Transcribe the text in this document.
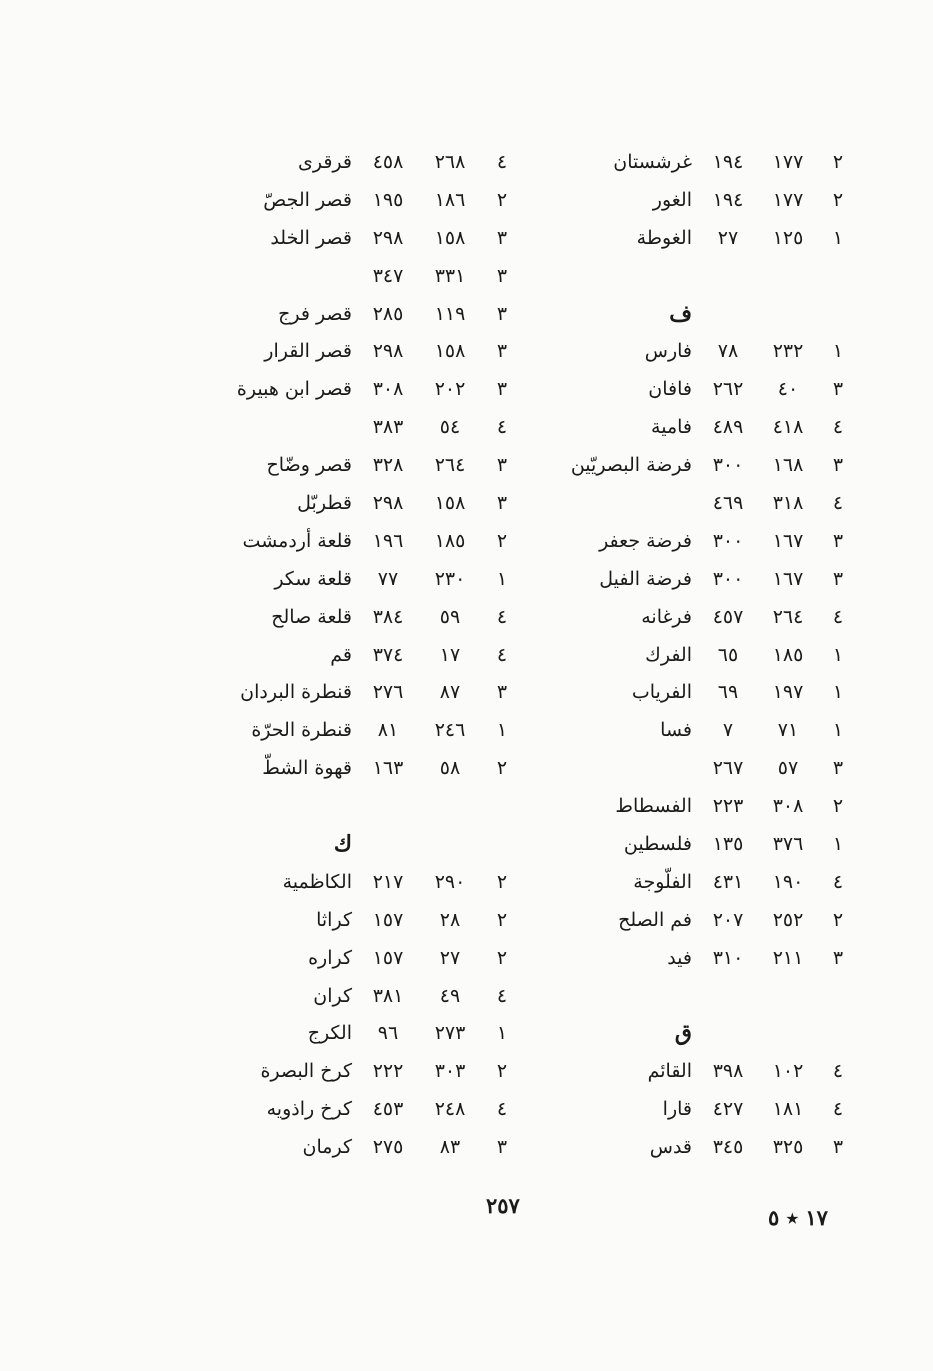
٢
١٧٧
١٩٤
غرشستان
٢
١٧٧
١٩٤
الغور
١
١٢٥
٢٧
الغوطة
ف
١
٢٣٢
٧٨
فارس
٣
٤٠
٢٦٢
فافان
٤
٤١٨
٤٨٩
فامية
٣
١٦٨
٣٠٠
فرضة البصريّين
٤
٣١٨
٤٦٩
٣
١٦٧
٣٠٠
فرضة جعفر
٣
١٦٧
٣٠٠
فرضة الفيل
٤
٢٦٤
٤٥٧
فرغانه
١
١٨٥
٦٥
الفرك
١
١٩٧
٦٩
الفرياب
١
٧١
٧
فسا
٣
٥٧
٢٦٧
٢
٣٠٨
٢٢٣
الفسطاط
١
٣٧٦
١٣٥
فلسطين
٤
١٩٠
٤٣١
الفلّوجة
٢
٢٥٢
٢٠٧
فم الصلح
٣
٢١١
٣١٠
فيد
ق
٤
١٠٢
٣٩٨
القائم
٤
١٨١
٤٢٧
قارا
٣
٣٢٥
٣٤٥
قدس
٤
٢٦٨
٤٥٨
قرقرى
٢
١٨٦
١٩٥
قصر الجصّ
٣
١٥٨
٢٩٨
قصر الخلد
٣
٣٣١
٣٤٧
٣
١١٩
٢٨٥
قصر فرج
٣
١٥٨
٢٩٨
قصر القرار
٣
٢٠٢
٣٠٨
قصر ابن هبيرة
٤
٥٤
٣٨٣
٣
٢٦٤
٣٢٨
قصر وضّاح
٣
١٥٨
٢٩٨
قطربّل
٢
١٨٥
١٩٦
قلعة أردمشت
١
٢٣٠
٧٧
قلعة سكر
٤
٥٩
٣٨٤
قلعة صالح
٤
١٧
٣٧٤
قم
٣
٨٧
٢٧٦
قنطرة البردان
١
٢٤٦
٨١
قنطرة الحرّة
٢
٥٨
١٦٣
قهوة الشطّ
ك
٢
٢٩٠
٢١٧
الكاظمية
٢
٢٨
١٥٧
كراثا
٢
٢٧
١٥٧
كراره
٤
٤٩
٣٨١
كران
١
٢٧٣
٩٦
الكرج
٢
٣٠٣
٢٢٢
كرخ البصرة
٤
٢٤٨
٤٥٣
كرخ راذويه
٣
٨٣
٢٧٥
كرمان
٢٥٧	١٧ ٭ ٥
